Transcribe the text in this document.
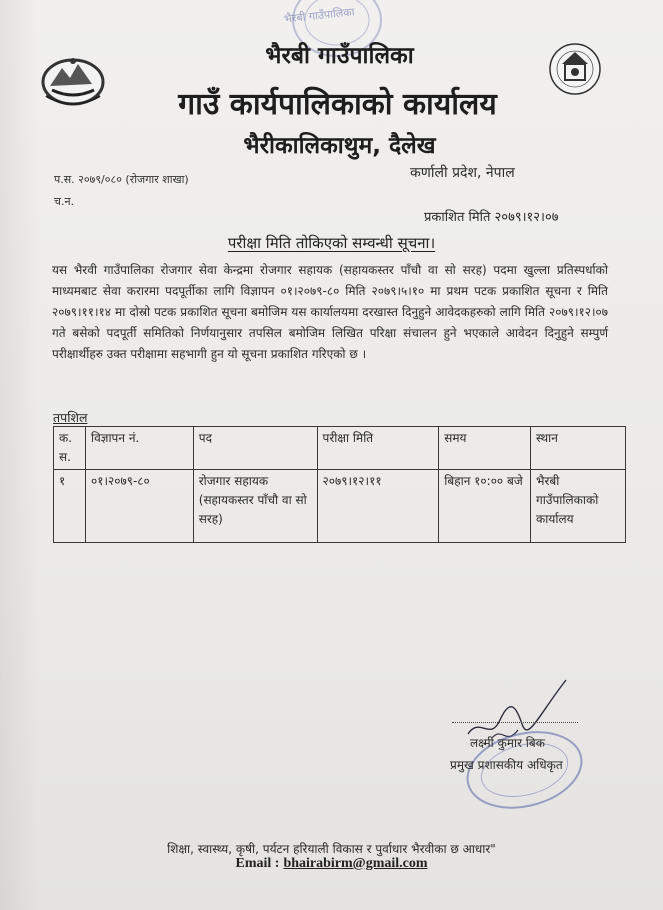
भैरबी गाउँपालिका
भैरबी गाउँपालिका
गाउँ कार्यपालिकाको कार्यालय
भैरीकालिकाथुम, दैलेख
प.स. २०७९/०८० (रोजगार शाखा)
च.न.
कर्णाली प्रदेश, नेपाल
प्रकाशित मिति २०७९।१२।०७
परीक्षा मिति तोकिएको सम्वन्धी सूचना।
यस भैरवी गाउँपालिका रोजगार सेवा केन्द्रमा रोजगार सहायक (सहायकस्तर पाँचौ वा सो सरह) पदमा खुल्ला प्रतिस्पर्धाको माध्यमबाट सेवा करारमा पदपूर्तीका लागि विज्ञापन ०१।२०७९-८० मिति २०७९।५।१० मा प्रथम पटक प्रकाशित सूचना र मिति २०७९।११।१४ मा दोस्रो पटक प्रकाशित सूचना बमोजिम यस कार्यालयमा दरखास्त दिनुहुने आवेदकहरुको लागि मिति २०७९।१२।०७ गते बसेको पदपूर्ती समितिको निर्णयानुसार तपसिल बमोजिम लिखित परिक्षा संचालन हुने भएकाले आवेदन दिनुहुने सम्पुर्ण परीक्षार्थीहरु उक्त परीक्षामा सहभागी हुन यो सूचना प्रकाशित गरिएको छ ।
तपशिल
क. स.	विज्ञापन नं.	पद	परीक्षा मिति	समय	स्थान
१	०१।२०७९-८०	रोजगार सहायक (सहायकस्तर पाँचौ वा सो सरह)	२०७९।१२।११	बिहान १०:०० बजे	भैरबी गाउँपालिकाको कार्यालय
लक्ष्मी कुमार बिक
प्रमुख प्रशासकीय अधिकृत
शिक्षा, स्वास्थ्य, कृषी, पर्यटन हरियाली विकास र पुर्वाधार भैरवीका छ आधार"
Email : bhairabirm@gmail.com
